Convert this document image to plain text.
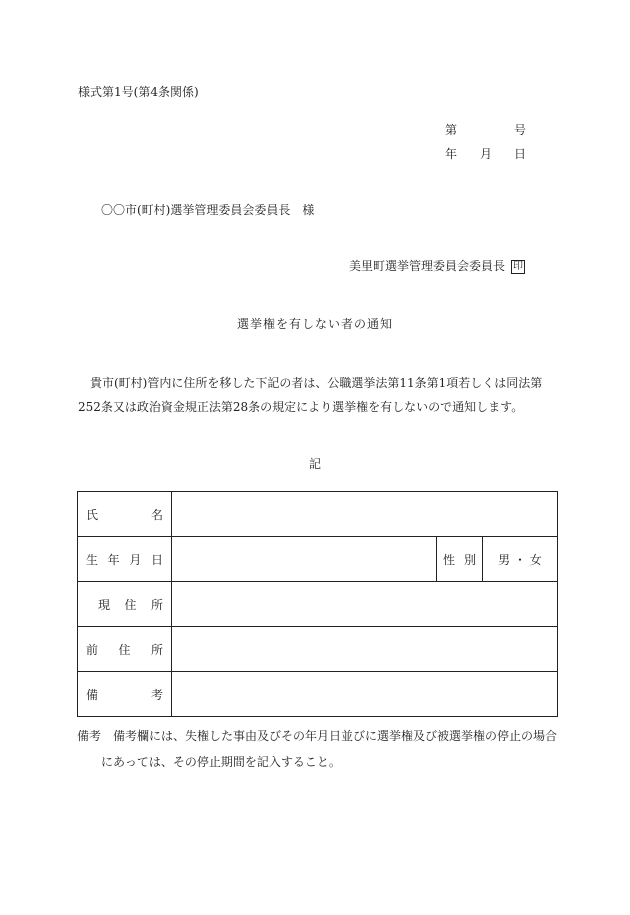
様式第1号(第4条関係)
第	号
年 月 日
〇〇市(町村)選挙管理委員会委員長　様
美里町選挙管理委員会委員長 印
選挙権を有しない者の通知
貴市(町村)管内に住所を移した下記の者は、公職選挙法第11条第1項若しくは同法第252条又は政治資金規正法第28条の規定により選挙権を有しないので通知します。
記
氏名			
生年月日		性別	男 ・ 女
現住所			
前住所			
備考			
備考 備考欄には、失権した事由及びその年月日並びに選挙権及び被選挙権の停止の場合
にあっては、その停止期間を記入すること。
